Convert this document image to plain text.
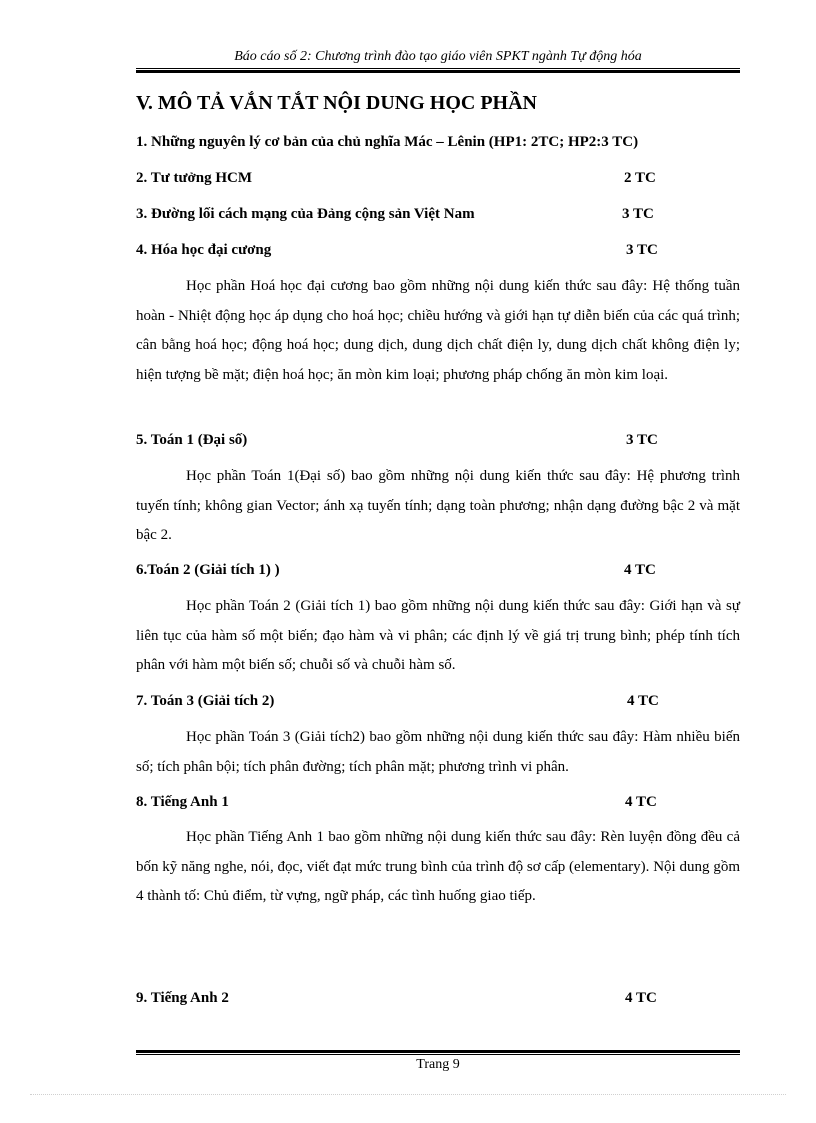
Báo cáo số 2: Chương trình đào tạo giáo viên SPKT ngành Tự động hóa
V. MÔ TẢ VẮN TẮT NỘI DUNG HỌC PHẦN
1. Những nguyên lý cơ bản của chủ nghĩa Mác – Lênin (HP1: 2TC; HP2:3 TC)
2. Tư tưởng HCM	2 TC
3. Đường lối cách mạng của Đảng cộng sản Việt Nam	3 TC
4. Hóa học đại cương	3 TC

Học phần Hoá học đại cương bao gồm những nội dung kiến thức sau đây: Hệ thống tuần hoàn - Nhiệt động học áp dụng cho hoá học; chiều hướng và giới hạn tự diễn biến của các quá trình; cân bằng hoá học; động hoá học; dung dịch, dung dịch chất điện ly, dung dịch chất không điện ly; hiện tượng bề mặt; điện hoá học; ăn mòn kim loại; phương pháp chống ăn mòn kim loại.

5. Toán 1 (Đại số)	3 TC

Học phần Toán 1(Đại số) bao gồm những nội dung kiến thức sau đây: Hệ phương trình tuyến tính; không gian Vector; ánh xạ tuyến tính; dạng toàn phương; nhận dạng đường bậc 2 và mặt bậc 2.

6.Toán 2 (Giải tích 1) )	4 TC

Học phần Toán 2 (Giải tích 1) bao gồm những nội dung kiến thức sau đây: Giới hạn và sự liên tục của hàm số một biến; đạo hàm và vi phân; các định lý về giá trị trung bình; phép tính tích phân với hàm một biến số; chuỗi số và chuỗi hàm số.

7. Toán 3 (Giải tích 2)	4 TC

Học phần Toán 3 (Giải tích2) bao gồm những nội dung kiến thức sau đây: Hàm nhiều biến số; tích phân bội; tích phân đường; tích phân mặt; phương trình vi phân.

8. Tiếng Anh 1	4 TC

Học phần Tiếng Anh 1 bao gồm những nội dung kiến thức sau đây: Rèn luyện đồng đều cả bốn kỹ năng nghe, nói, đọc, viết đạt mức trung bình của trình độ sơ cấp (elementary). Nội dung gồm 4 thành tố: Chủ điểm, từ vựng, ngữ pháp, các tình huống giao tiếp.

9. Tiếng Anh 2	4 TC
Trang 9
